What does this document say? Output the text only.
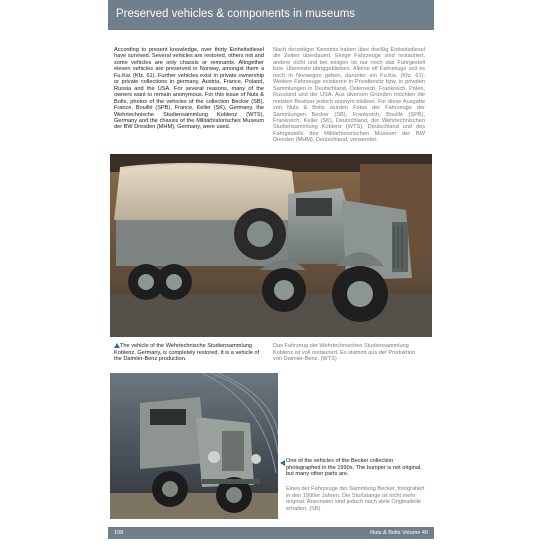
Preserved vehicles & components in museums
According to present knowledge, over thirty Einheitsdiesel have survived. Several vehicles are restored, others not and some vehicles are only chassis or remnants. Altogether eleven vehicles are preserved in Norway, amongst them a Fu.Kw. (Kfz. 61). Further vehicles exist in private ownership or private collections in germany, Austria, France, Poland, Russia and the USA. For several reasons, many of the owners want to remain anonymous. For this issue of Nuts & Bolts, photos of the vehicles of the collection Becker (SB), France, Bouillé (SPB), France, Keller (SK), Germany, the Wehrtechnische Studiensammlung Koblenz (WTS), Germany and the chassis of the Militärhistorisches Museum der BW Dresden (MHM), Germany, were used.
Nach derzeitiger Kenntnis haben über dreißig Einheitsdiesel die Zeiten überdauert. Einige Fahrzeuge sind restauriert, andere nicht und bei einigen ist nur noch das Fahrgestell bzw. Überreste übriggeblieben. Alleine elf Fahrzeuge soll es noch in Norwegen geben, darunter ein Fu.Kw. (Kfz. 61). Weitere Fahrzeuge existieren in Privatbesitz bzw. in privaten Sammlungen in Deutschland, Österreich, Frankreich, Polen, Russland und der USA. Aus diversen Gründen möchten die meisten Besitzer jedoch anonym bleiben. Für diese Ausgabe von Nuts & Bolts wurden Fotos der Fahrzeuge der Sammlungen Becker (SB), Frankreich, Bouillé (SPB), Frankreich, Keller (SK), Deutschland, der Wehrtechnischen Studiensammlung Koblenz (WTS), Deutschland und des Fahrgestells des Militärhistorischen Museum der BW Dresden (MHM), Deutschland, verwendet.
The vehicle of the Wehrtechnische Studiensammlung Koblenz, Germany, is completely restored. It is a vehicle of the Daimler-Benz production.
Das Fahrzeug der Wehrtechnischen Studiensammlung Koblenz ist voll restauriert. Es stammt aus der Produktion von Daimler-Benz. (WTS)
One of the vehicles of the Becker collection photographed in the 1990s. The bumper is not original, but many other parts are.
Eines der Fahrzeuge der Sammlung Becker, fotografiert in den 1990er Jahren. Die Stoßstange ist nicht mehr original. Ansonsten sind jedoch noch viele Originalteile erhalten. (SB)
108	Nuts & Bolts Volume 40
